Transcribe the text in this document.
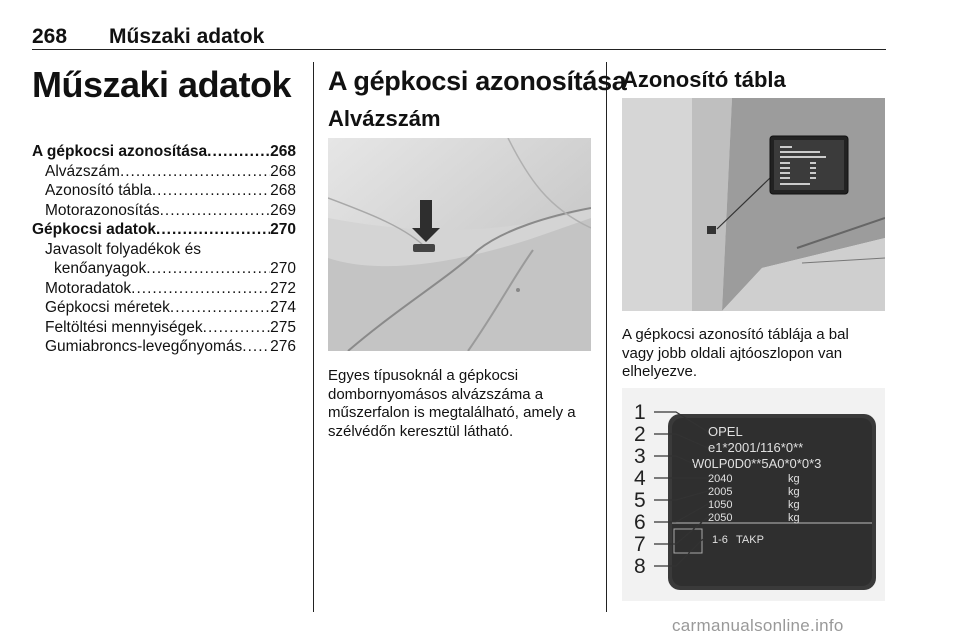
268 Műszaki adatok
Műszaki adatok
A gépkocsi azonosítása .....	268
Alvázszám .....	268
Azonosító tábla .....	268
Motorazonosítás .....	269
Gépkocsi adatok .....	270
Javasolt folyadékok és
kenőanyagok .....	270
Motoradatok .....	272
Gépkocsi méretek .....	274
Feltöltési mennyiségek .....	275
Gumiabroncs-levegőnyomás ..... 276
A gépkocsi azonosítása
Alvázszám
Egyes típusoknál a gépkocsi
dombornyomásos alvázszáma a
műszerfalon is megtalálható, amely a
szélvédőn keresztül látható.
Azonosító tábla
A gépkocsi azonosító táblája a bal
vagy jobb oldali ajtóoszlopon van
elhelyezve.
OPEL
e1*2001/116*0**
W0LP0D0**5A0*0*0*3
2040	kg
2005	kg
1050	kg
2050	kg
1-6 TAKP
1
2
3
4
5
6
7
8
carmanualsonline.info
